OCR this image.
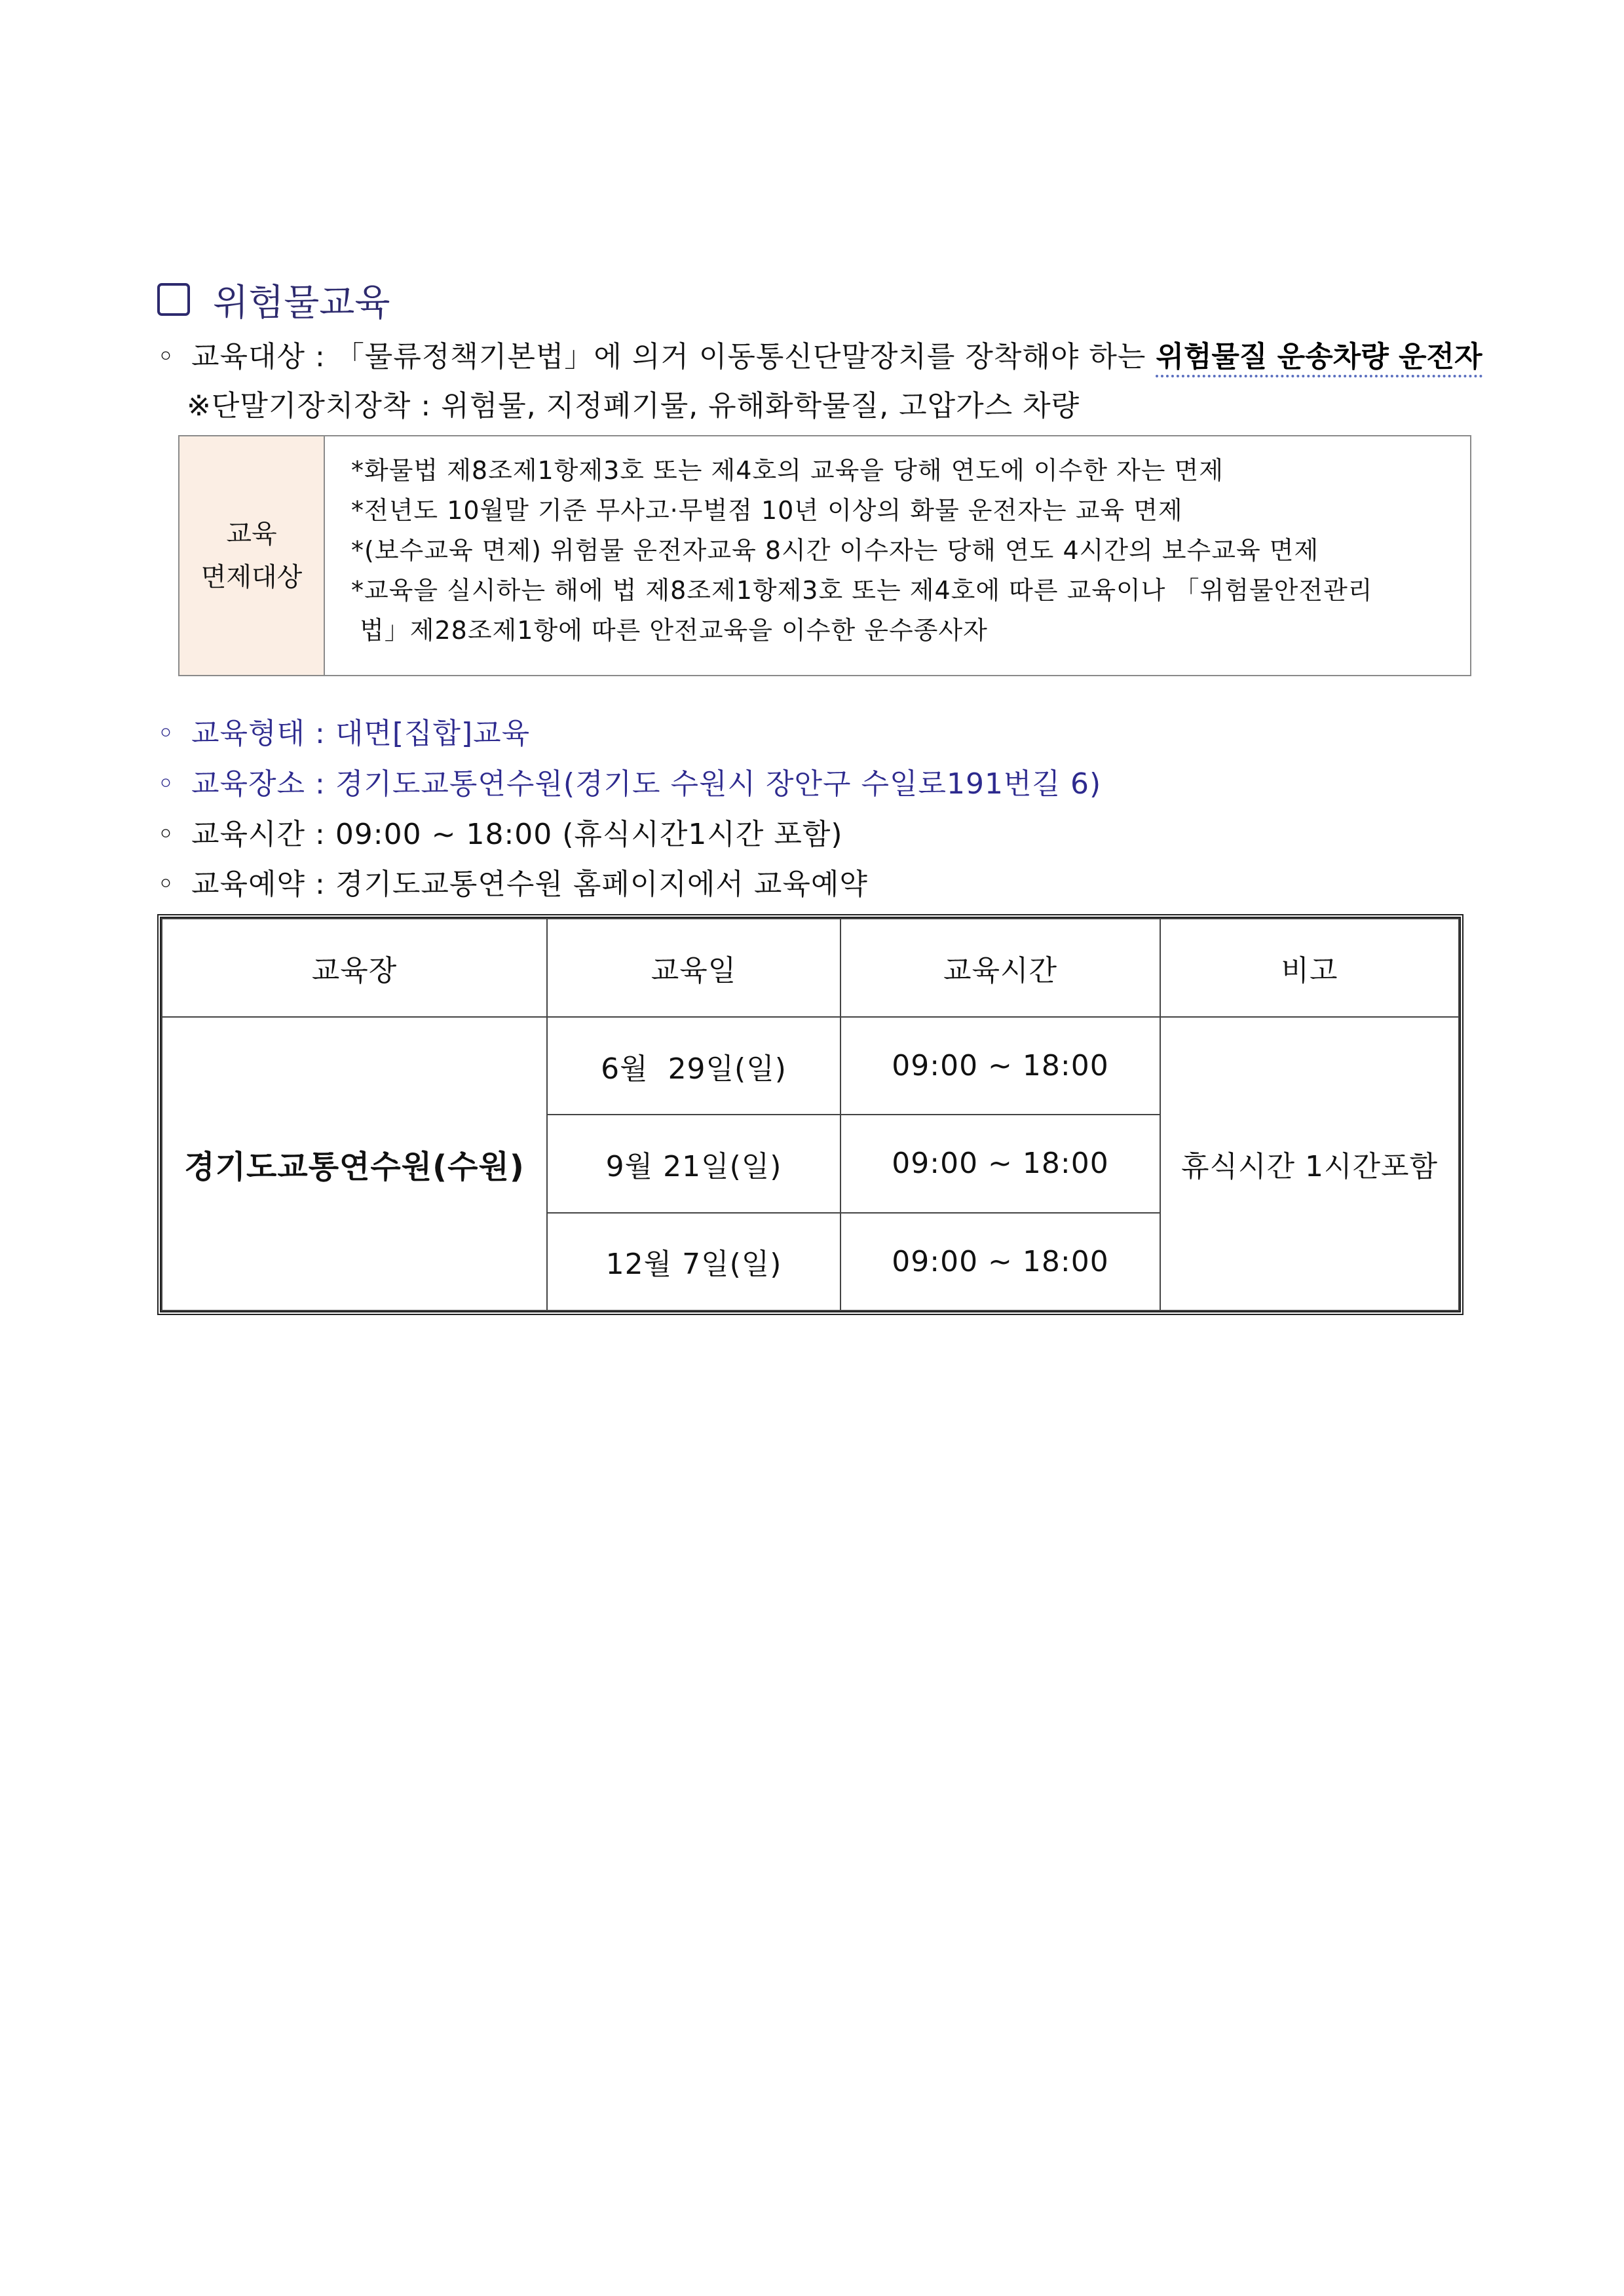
위험물교육
◦ 교육대상 : 「물류정책기본법」에 의거 이동통신단말장치를 장착해야 하는 위험물질 운송차량 운전자
※단말기장치장착 : 위험물, 지정폐기물, 유해화학물질, 고압가스 차량
교육
면제대상
*화물법 제8조제1항제3호 또는 제4호의 교육을 당해 연도에 이수한 자는 면제
*전년도 10월말 기준 무사고·무벌점 10년 이상의 화물 운전자는 교육 면제
*(보수교육 면제) 위험물 운전자교육 8시간 이수자는 당해 연도 4시간의 보수교육 면제
*교육을 실시하는 해에 법 제8조제1항제3호 또는 제4호에 따른 교육이나 「위험물안전관리
법」제28조제1항에 따른 안전교육을 이수한 운수종사자
◦ 교육형태 : 대면[집합]교육
◦ 교육장소 : 경기도교통연수원(경기도 수원시 장안구 수일로191번길 6)
◦ 교육시간 : 09:00 ~ 18:00 (휴식시간1시간 포함)
◦ 교육예약 : 경기도교통연수원 홈페이지에서 교육예약
교육장	교육일	교육시간	비고
경기도교통연수원(수원)	6월  29일(일)	09:00 ~ 18:00	휴식시간 1시간포함
	9월 21일(일)	09:00 ~ 18:00	
	12월 7일(일)	09:00 ~ 18:00	
